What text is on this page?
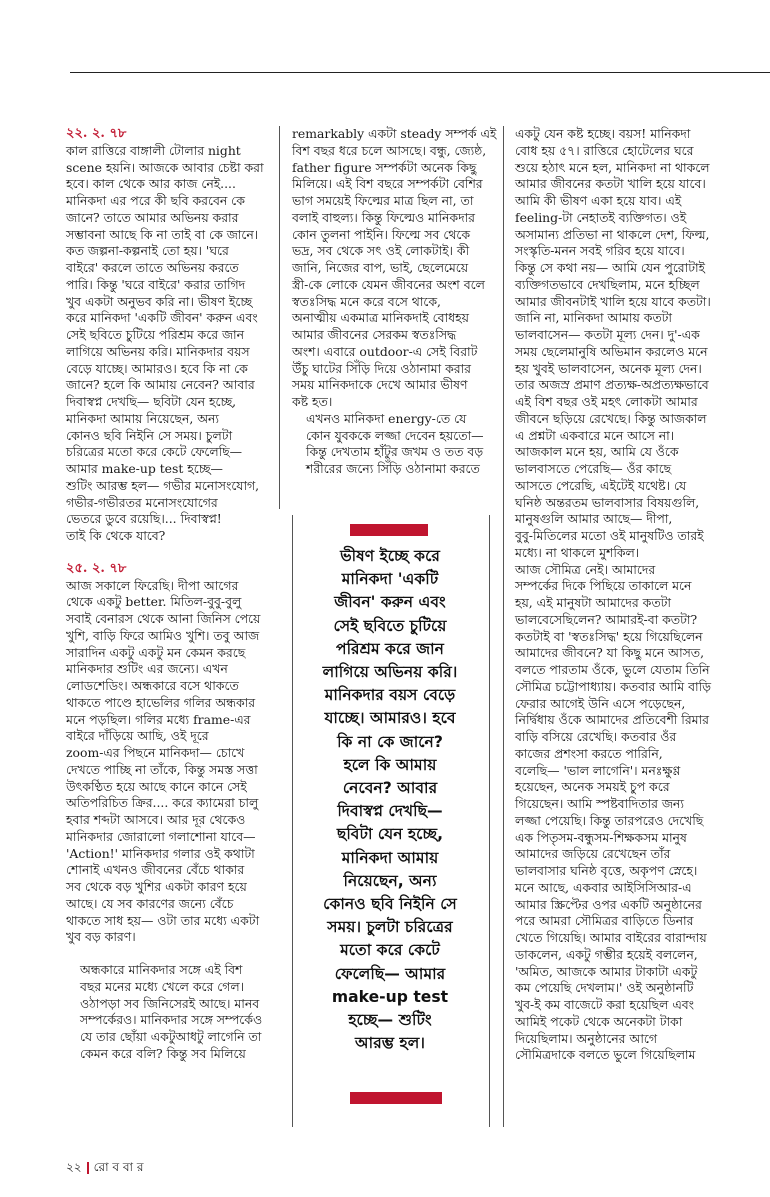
২২. ২. ৭৮

কাল রাত্তিরে বাঙ্গালী টোলার night

scene হয়নি। আজকে আবার চেষ্টা করা

হবে। কাল থেকে আর কাজ নেই....

মানিকদা এর পরে কী ছবি করবেন কে

জানে? তাতে আমার অভিনয় করার

সম্ভাবনা আছে কি না তাই বা কে জানে।

কত জল্পনা-কল্পনাই তো হয়। 'ঘরে

বাইরে' করলে তাতে অভিনয় করতে

পারি। কিন্তু 'ঘরে বাইরে' করার তাগিদ

খুব একটা অনুভব করি না। ভীষণ ইচ্ছে

করে মানিকদা 'একটি জীবন' করুন এবং

সেই ছবিতে চুটিয়ে পরিশ্রম করে জান

লাগিয়ে অভিনয় করি। মানিকদার বয়স

বেড়ে যাচ্ছে। আমারও। হবে কি না কে

জানে? হলে কি আমায় নেবেন? আবার

দিবাস্বপ্ন দেখছি— ছবিটা যেন হচ্ছে,

মানিকদা আমায় নিয়েছেন, অন্য

কোনও ছবি নিইনি সে সময়। চুলটা

চরিত্রের মতো করে কেটে ফেলেছি—

আমার make-up test হচ্ছে—

শুটিং আরম্ভ হল— গভীর মনোসংযোগ,

গভীর-গভীরতর মনোসংযোগের

ভেতরে ডুবে রয়েছি।... দিবাস্বপ্ন!

তাই কি থেকে যাবে?

২৫. ২. ৭৮

আজ সকালে ফিরেছি। দীপা আগের

থেকে একটু better. মিতিল-বুবু-বুলু

সবাই বেনারস থেকে আনা জিনিস পেয়ে

খুশি, বাড়ি ফিরে আমিও খুশি। তবু আজ

সারাদিন একটু একটু মন কেমন করছে

মানিকদার শুটিং এর জন্যে। এখন

লোডশেডিং। অন্ধকারে বসে থাকতে

থাকতে পাণ্ডে হাভেলির গলির অন্ধকার

মনে পড়ছিল। গলির মধ্যে frame-এর

বাইরে দাঁড়িয়ে আছি, ওই দূরে

zoom-এর পিছনে মানিকদা— চোখে

দেখতে পাচ্ছি না তাঁকে, কিন্তু সমস্ত সত্তা

উৎকণ্ঠিত হয়ে আছে কানে কানে সেই

অতিপরিচিত ক্রির.... করে ক্যামেরা চালু

হবার শব্দটা আসবে। আর দূর থেকেও

মানিকদার জোরালো গলাশোনা যাবে—

'Action!' মানিকদার গলার ওই কথাটা

শোনাই এখনও জীবনের বেঁচে থাকার

সব থেকে বড় খুশির একটা কারণ হয়ে

আছে। যে সব কারণের জন্যে বেঁচে

থাকতে সাধ হয়— ওটা তার মধ্যে একটা

খুব বড় কারণ।

অন্ধকারে মানিকদার সঙ্গে এই বিশ

বছর মনের মধ্যে খেলে করে গেল।

ওঠাপড়া সব জিনিসেরই আছে। মানব

সম্পর্কেরও। মানিকদার সঙ্গে সম্পর্কেও

যে তার ছোঁয়া একটুআধটু লাগেনি তা

কেমন করে বলি? কিন্তু সব মিলিয়ে

remarkably একটা steady সম্পর্ক এই

বিশ বছর ধরে চলে আসছে। বন্ধু, জ্যেষ্ঠ,

father figure সম্পর্কটা অনেক কিছু

মিলিয়ে। এই বিশ বছরে সম্পর্কটা বেশির

ভাগ সময়েই ফিল্মের মাত্র ছিল না, তা

বলাই বাহুল্য। কিন্তু ফিল্মেও মানিকদার

কোন তুলনা পাইনি। ফিল্মে সব থেকে

ভদ্র, সব থেকে সৎ ওই লোকটাই। কী

জানি, নিজের বাপ, ভাই, ছেলেমেয়ে

স্ত্রী-কে লোকে যেমন জীবনের অংশ বলে

স্বতঃসিদ্ধ মনে করে বসে থাকে,

অনাত্মীয় একমাত্র মানিকদাই বোধহয়

আমার জীবনের সেরকম স্বতঃসিদ্ধ

অংশ। এবারে outdoor-এ সেই বিরাট

উঁচু ঘাটের সিঁড়ি দিয়ে ওঠানামা করার

সময় মানিকদাকে দেখে আমার ভীষণ

কষ্ট হত।

এখনও মানিকদা energy-তে যে

কোন যুবককে লজ্জা দেবেন হয়তো—

কিন্তু দেখতাম হাঁটুর জখম ও তত বড়

শরীরের জন্যে সিঁড়ি ওঠানামা করতে

ভীষণ ইচ্ছে করে

মানিকদা 'একটি

জীবন' করুন এবং

সেই ছবিতে চুটিয়ে

পরিশ্রম করে জান

লাগিয়ে অভিনয় করি।

মানিকদার বয়স বেড়ে

যাচ্ছে। আমারও। হবে

কি না কে জানে?

হলে কি আমায়

নেবেন? আবার

দিবাস্বপ্ন দেখছি—

ছবিটা যেন হচ্ছে,

মানিকদা আমায়

নিয়েছেন, অন্য

কোনও ছবি নিইনি সে

সময়। চুলটা চরিত্রের

মতো করে কেটে

ফেলেছি— আমার

make-up test

হচ্ছে— শুটিং

আরম্ভ হল।

একটু যেন কষ্ট হচ্ছে। বয়স! মানিকদা

বোধ হয় ৫৭। রাত্তিরে হোটেলের ঘরে

শুয়ে হঠাৎ মনে হল, মানিকদা না থাকলে

আমার জীবনের কতটা খালি হয়ে যাবে।

আমি কী ভীষণ একা হয়ে যাব। এই

feeling-টা নেহাতই ব্যক্তিগত। ওই

অসামান্য প্রতিভা না থাকলে দেশ, ফিল্ম,

সংস্কৃতি-মনন সবই গরিব হয়ে যাবে।

কিন্তু সে কথা নয়— আমি যেন পুরোটাই

ব্যক্তিগতভাবে দেখছিলাম, মনে হচ্ছিল

আমার জীবনটাই খালি হয়ে যাবে কতটা।

জানি না, মানিকদা আমায় কতটা

ভালবাসেন— কতটা মূল্য দেন। দু'-এক

সময় ছেলেমানুষি অভিমান করলেও মনে

হয় খুবই ভালবাসেন, অনেক মূল্য দেন।

তার অজস্র প্রমাণ প্রত্যক্ষ-অপ্রত্যক্ষভাবে

এই বিশ বছর ওই মহৎ লোকটা আমার

জীবনে ছড়িয়ে রেখেছে। কিন্তু আজকাল

এ প্রশ্নটা একবারে মনে আসে না।

আজকাল মনে হয়, আমি যে ওঁকে

ভালবাসতে পেরেছি— ওঁর কাছে

আসতে পেরেছি, এইটেই যথেষ্ট। যে

ঘনিষ্ঠ অন্তরতম ভালবাসার বিষয়গুলি,

মানুষগুলি আমার আছে— দীপা,

বুবু-মিতিলের মতো ওই মানুষটিও তারই

মধ্যে। না থাকলে মুশকিল।

আজ সৌমিত্র নেই। আমাদের

সম্পর্কের দিকে পিছিয়ে তাকালে মনে

হয়, এই মানুষটা আমাদের কতটা

ভালবেসেছিলেন? আমারই-বা কতটা?

কতটাই বা 'স্বতঃসিদ্ধ' হয়ে গিয়েছিলেন

আমাদের জীবনে? যা কিছু মনে আসত,

বলতে পারতাম ওঁকে, ভুলে যেতাম তিনি

সৌমিত্র চট্টোপাধ্যায়। কতবার আমি বাড়ি

ফেরার আগেই উনি এসে পড়েছেন,

নির্দ্বিধায় ওঁকে আমাদের প্রতিবেশী রিমার

বাড়ি বসিয়ে রেখেছি। কতবার ওঁর

কাজের প্রশংসা করতে পারিনি,

বলেছি— 'ভাল লাগেনি'। মনঃক্ষুণ্ণ

হয়েছেন, অনেক সময়ই চুপ করে

গিয়েছেন। আমি স্পষ্টবাদিতার জন্য

লজ্জা পেয়েছি। কিন্তু তারপরেও দেখেছি

এক পিতৃসম-বন্ধুসম-শিক্ষকসম মানুষ

আমাদের জড়িয়ে রেখেছেন তাঁর

ভালবাসার ঘনিষ্ঠ বৃত্তে, অকৃপণ স্নেহে।

মনে আছে, একবার আইসিসিআর-এ

আমার স্ক্রিপ্টের ওপর একটি অনুষ্ঠানের

পরে আমরা সৌমিত্রর বাড়িতে ডিনার

খেতে গিয়েছি। আমার বাইরের বারান্দায়

ডাকলেন, একটু গম্ভীর হয়েই বললেন,

'অমিত, আজকে আমার টাকাটা একটু

কম পেয়েছি দেখলাম।' ওই অনুষ্ঠানটি

খুব-ই কম বাজেটে করা হয়েছিল এবং

আমিই পকেট থেকে অনেকটা টাকা

দিয়েছিলাম। অনুষ্ঠানের আগে

সৌমিত্রদাকে বলতে ভুলে গিয়েছিলাম

২২ রো ব বা র
